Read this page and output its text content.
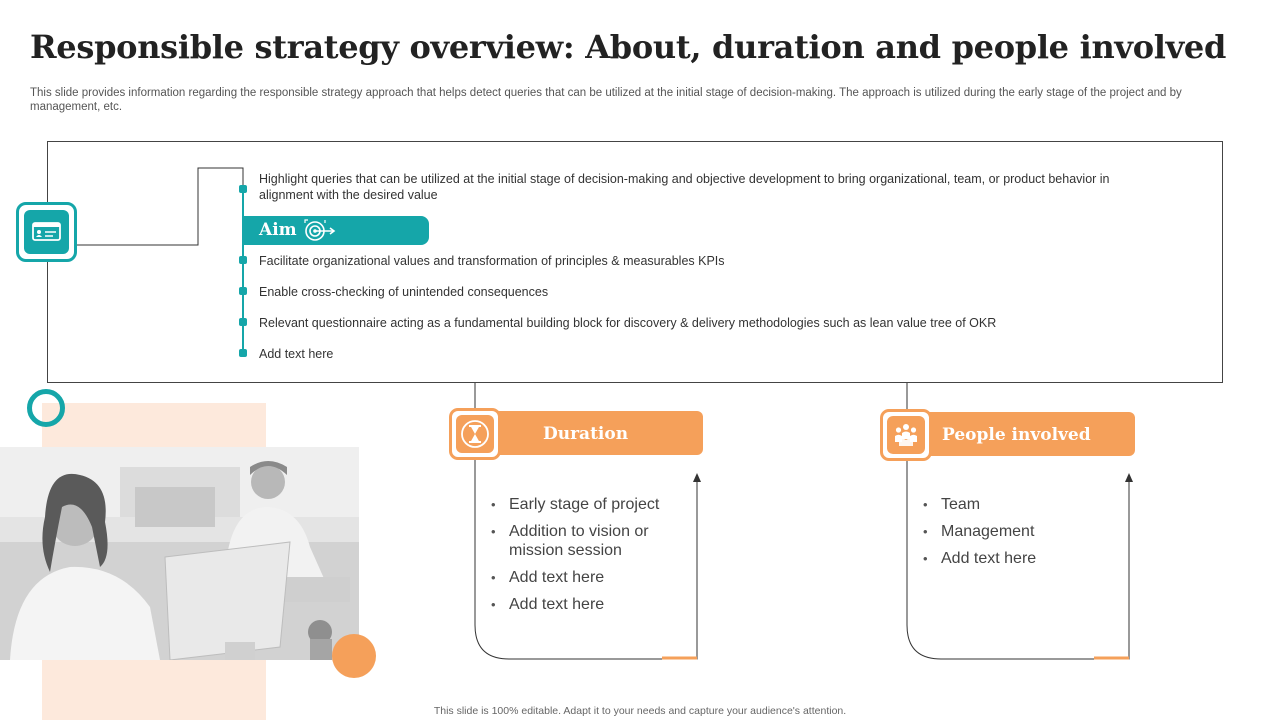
Responsible strategy overview: About, duration and people involved
This slide provides information regarding the responsible strategy approach that helps detect queries that can be utilized at the initial stage of decision-making. The approach is utilized during the early stage of the project and by management, etc.
Highlight queries that can be utilized at the initial stage of decision-making and objective development to bring organizational, team, or product behavior in alignment with the desired value
Aim
Facilitate organizational values and transformation of principles & measurables KPIs
Enable cross-checking of unintended consequences
Relevant questionnaire acting as a fundamental building block for discovery & delivery methodologies such as lean value tree of OKR
Add text here
Duration
• Early stage of project
• Addition to vision or mission session
• Add text here
• Add text here
People involved
• Team
• Management
• Add text here
This slide is 100% editable. Adapt it to your needs and capture your audience's attention.
